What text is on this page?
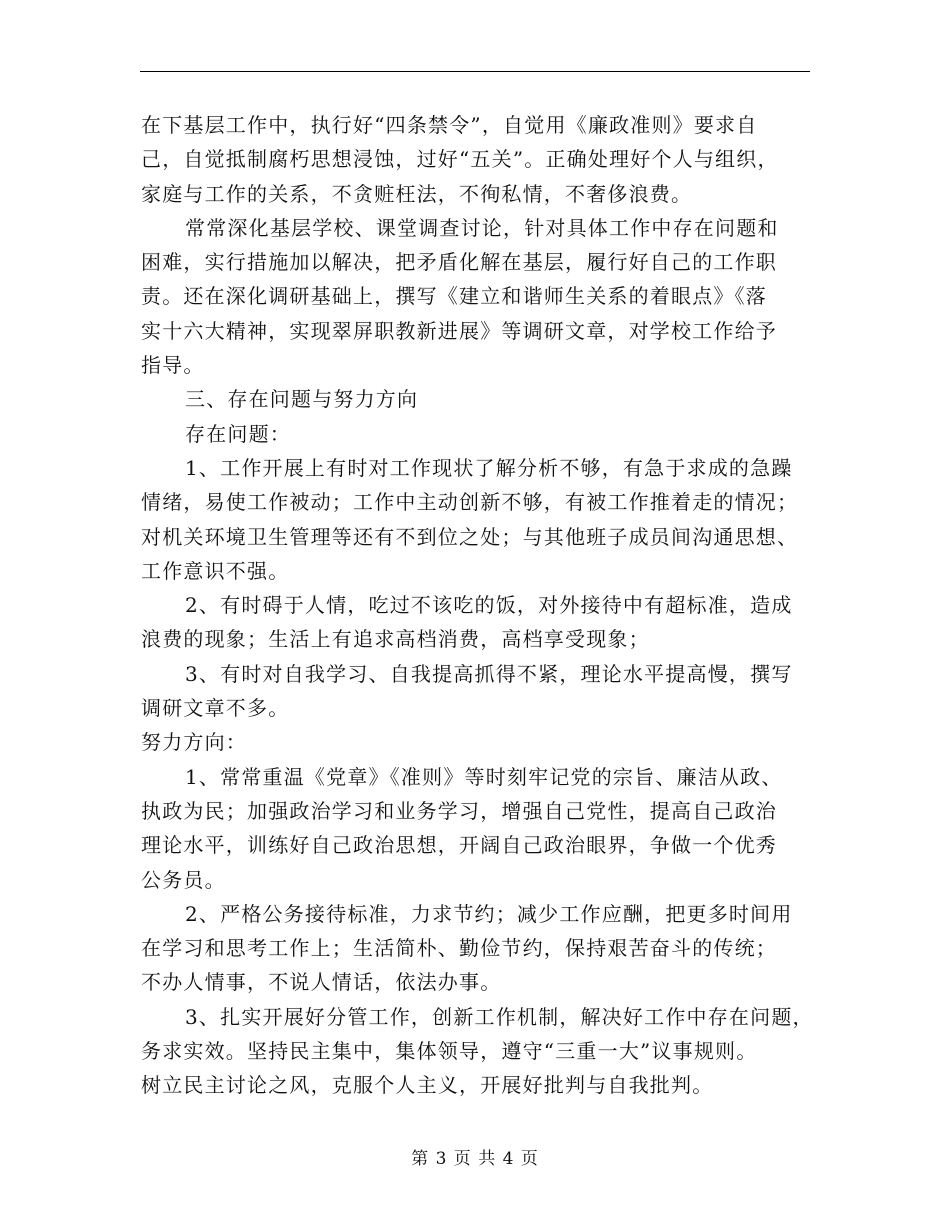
在下基层工作中，执行好“四条禁令”，自觉用《廉政准则》要求自
己，自觉抵制腐朽思想浸蚀，过好“五关”。正确处理好个人与组织，
家庭与工作的关系，不贪赃枉法，不徇私情，不奢侈浪费。
常常深化基层学校、课堂调查讨论，针对具体工作中存在问题和
困难，实行措施加以解决，把矛盾化解在基层，履行好自己的工作职
责。还在深化调研基础上，撰写《建立和谐师生关系的着眼点》《落
实十六大精神，实现翠屏职教新进展》等调研文章，对学校工作给予
指导。
三、存在问题与努力方向
存在问题：
1、工作开展上有时对工作现状了解分析不够，有急于求成的急躁
情绪，易使工作被动；工作中主动创新不够，有被工作推着走的情况；
对机关环境卫生管理等还有不到位之处；与其他班子成员间沟通思想、
工作意识不强。
2、有时碍于人情，吃过不该吃的饭，对外接待中有超标准，造成
浪费的现象；生活上有追求高档消费，高档享受现象；
3、有时对自我学习、自我提高抓得不紧，理论水平提高慢，撰写
调研文章不多。
努力方向：
1、常常重温《党章》《准则》等时刻牢记党的宗旨、廉洁从政、
执政为民；加强政治学习和业务学习，增强自己党性，提高自己政治
理论水平，训练好自己政治思想，开阔自己政治眼界，争做一个优秀
公务员。
2、严格公务接待标准，力求节约；减少工作应酬，把更多时间用
在学习和思考工作上；生活简朴、勤俭节约，保持艰苦奋斗的传统；
不办人情事，不说人情话，依法办事。
3、扎实开展好分管工作，创新工作机制，解决好工作中存在问题，
务求实效。坚持民主集中，集体领导，遵守“三重一大”议事规则。
树立民主讨论之风，克服个人主义，开展好批判与自我批判。
第 3 页 共 4 页
